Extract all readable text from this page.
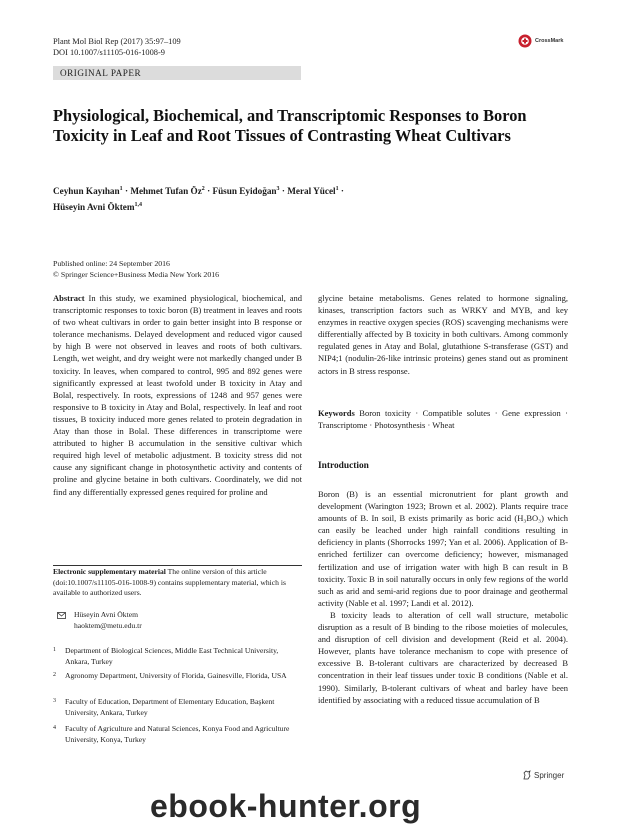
Plant Mol Biol Rep (2017) 35:97–109
DOI 10.1007/s11105-016-1008-9
CrossMark
ORIGINAL PAPER
Physiological, Biochemical, and Transcriptomic Responses to Boron Toxicity in Leaf and Root Tissues of Contrasting Wheat Cultivars
Ceyhun Kayıhan$^1$ · Mehmet Tufan $Öz^2$ · Füsun Eyidoğan$^3$ · Meral Yücel$^1$ ·
Hüseyin Avni Öktem$^{1,4}$
Published online: 24 September 2016
© Springer Science+Business Media New York 2016
Abstract In this study, we examined physiological, biochemical, and transcriptomic responses to toxic boron (B) treatment in leaves and roots of two wheat cultivars in order to gain better insight into B response or tolerance mechanisms. Delayed development and reduced vigor caused by high B were not observed in leaves and roots of both cultivars. Length, wet weight, and dry weight were not markedly changed under B toxicity. In leaves, when compared to control, 995 and 892 genes were significantly expressed at least twofold under B toxicity in Atay and Bolal, respectively. In roots, expressions of 1248 and 957 genes were responsive to B toxicity in Atay and Bolal, respectively. In leaf and root tissues, B toxicity induced more genes related to protein degradation in Atay than those in Bolal. These differences in transcriptome were attributed to higher B accumulation in the sensitive cultivar which required high level of metabolic adjustment. B toxicity stress did not cause any significant change in photosynthetic activity and contents of proline and glycine betaine in both cultivars. Coordinately, we did not find any differentially expressed genes required for proline and
glycine betaine metabolisms. Genes related to hormone signaling, kinases, transcription factors such as WRKY and MYB, and key enzymes in reactive oxygen species (ROS) scavenging mechanisms were differentially affected by B toxicity in both cultivars. Among commonly regulated genes in Atay and Bolal, glutathione S-transferase (GST) and NIP4;1 (nodulin-26-like intrinsic proteins) genes stand out as prominent actors in B stress response.
Keywords Boron toxicity · Compatible solutes · Gene expression · Transcriptome · Photosynthesis · Wheat
Electronic supplementary material The online version of this article (doi:10.1007/s11105-016-1008-9) contains supplementary material, which is available to authorized users.
Hüseyin Avni Öktem
haoktem@metu.edu.tr
1	Department of Biological Sciences, Middle East Technical University, Ankara, Turkey
2	Agronomy Department, University of Florida, Gainesville, Florida, USA
3	Faculty of Education, Department of Elementary Education, Başkent University, Ankara, Turkey
4	Faculty of Agriculture and Natural Sciences, Konya Food and Agriculture University, Konya, Turkey
Introduction

Boron (B) is an essential micronutrient for plant growth and development (Warington 1923; Brown et al. 2002). Plants require trace amounts of B. In soil, B exists primarily as boric acid (H₃BO₃) which can easily be leached under high rainfall conditions resulting in deficiency in plants (Shorrocks 1997; Yan et al. 2006). Application of B-enriched fertilizer can overcome deficiency; however, mismanaged fertilization and use of irrigation water with high B can result in B toxicity. Toxic B in soil naturally occurs in only few regions of the world such as arid and semi-arid regions due to poor drainage and geothermal activity (Nable et al. 1997; Landi et al. 2012).

B toxicity leads to alteration of cell wall structure, metabolic disruption as a result of B binding to the ribose moieties of molecules, and disruption of cell division and development (Reid et al. 2004). However, plants have tolerance mechanism to cope with presence of excessive B. B-tolerant cultivars are characterized by decreased B concentration in their leaf tissues under toxic B conditions (Nable et al. 1990). Similarly, B-tolerant cultivars of wheat and barley have been identified by associating with a reduced tissue accumulation of B

Springer
ebook-hunter.org
